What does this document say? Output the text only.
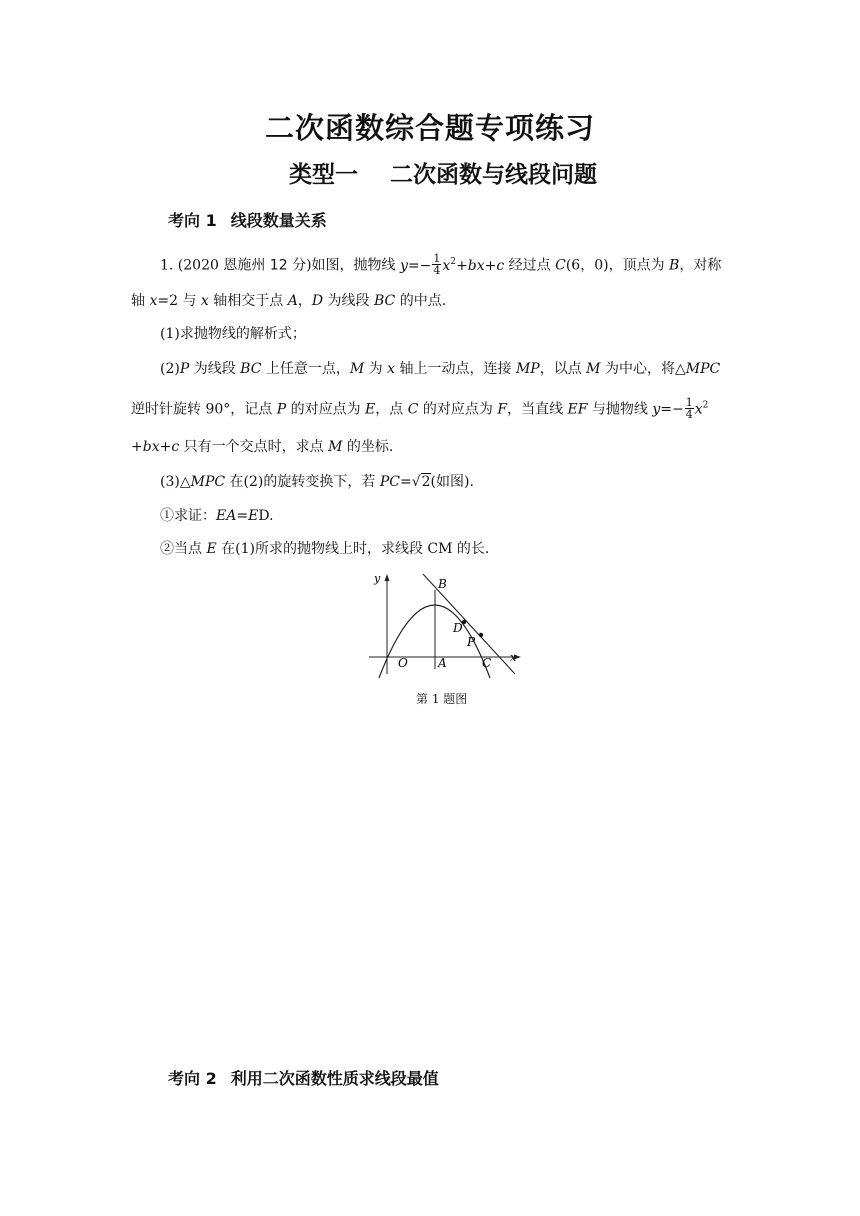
二次函数综合题专项练习
类型一 二次函数与线段问题
考向 1 线段数量关系
1. (2020 恩施州 12 分)如图，抛物线 $y=- \frac{1}{4} x^2+bx+c$ 经过点 C(6，0)，顶点为 B，对称
轴 x=2 与 x 轴相交于点 A，D 为线段 BC 的中点.
(1)求抛物线的解析式；
(2)P 为线段 BC 上任意一点，M 为 x 轴上一动点，连接 MP，以点 M 为中心，将△MPC
逆时针旋转 90°，记点 P 的对应点为 E，点 C 的对应点为 F，当直线 EF 与抛物线 $y=- \frac{1}{4} x^2$
+bx+c 只有一个交点时，求点 M 的坐标.
(3)△MPC 在(2)的旋转变换下，若 PC=√2(如图).
①求证：EA=ED.
②当点 E 在(1)所求的抛物线上时，求线段 CM 的长.
y
x
O	A
B
C
D
P
第 1 题图
考向 2 利用二次函数性质求线段最值
